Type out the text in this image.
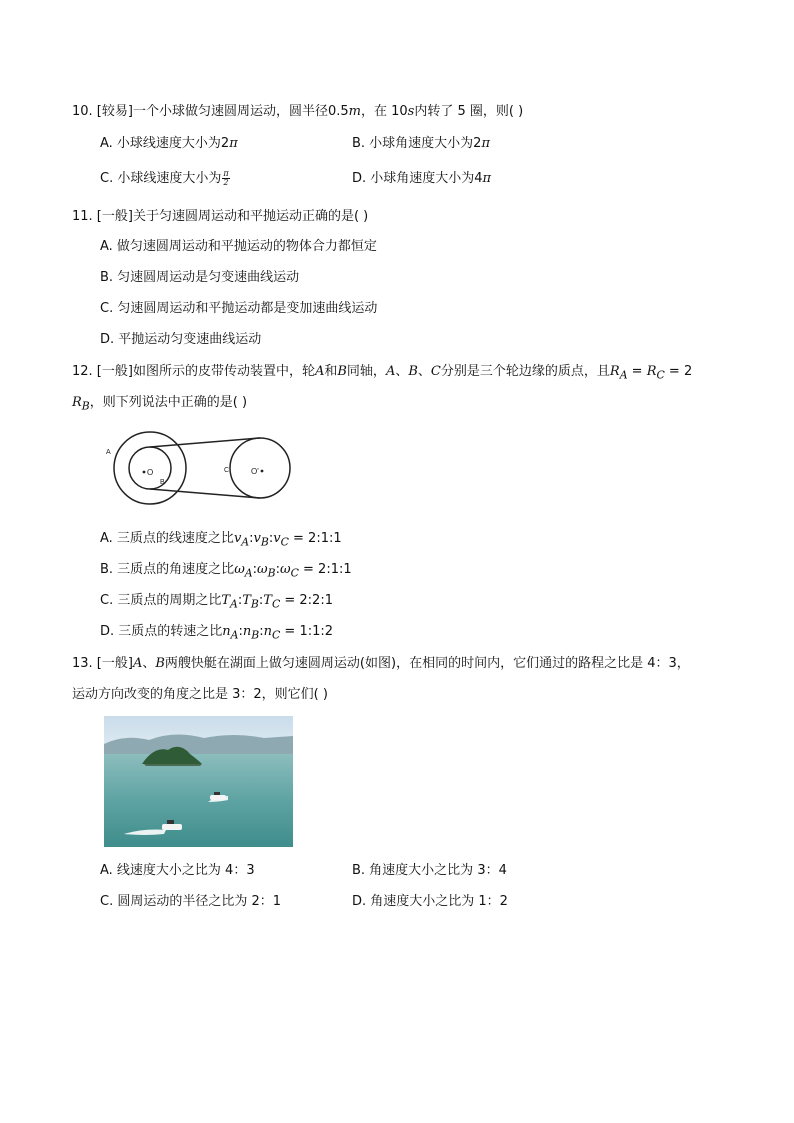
10. [较易]一个小球做匀速圆周运动，圆半径0.5m，在 10s内转了 5 圈，则( )
A. 小球线速度大小为2π	B. 小球角速度大小为2π
C. 小球线速度大小为 $\frac{\pi}{2}$	D. 小球角速度大小为4π
11. [一般]关于匀速圆周运动和平抛运动正确的是( )
A. 做匀速圆周运动和平抛运动的物体合力都恒定
B. 匀速圆周运动是匀变速曲线运动
C. 匀速圆周运动和平抛运动都是变加速曲线运动
D. 平抛运动匀变速曲线运动
12. [一般]如图所示的皮带传动装置中，轮A和B同轴，A、B、C分别是三个轮边缘的质点，且$R_A = R_C = 2$
$R_B$，则下列说法中正确的是( )
A
O
B
C	O'
A. 三质点的线速度之比$v_A:v_B:v_C$ = 2:1:1
B. 三质点的角速度之比$\omega_A:\omega_B:\omega_C$ = 2:1:1
C. 三质点的周期之比$T_A:T_B:T_C$ = 2:2:1
D. 三质点的转速之比$n_A:n_B:n_C$ = 1:1:2
13. [一般]A、B两艘快艇在湖面上做匀速圆周运动(如图)，在相同的时间内，它们通过的路程之比是 4：3，
运动方向改变的角度之比是 3：2，则它们( )
A. 线速度大小之比为 4：3	B. 角速度大小之比为 3：4
C. 圆周运动的半径之比为 2：1	D. 角速度大小之比为 1：2
